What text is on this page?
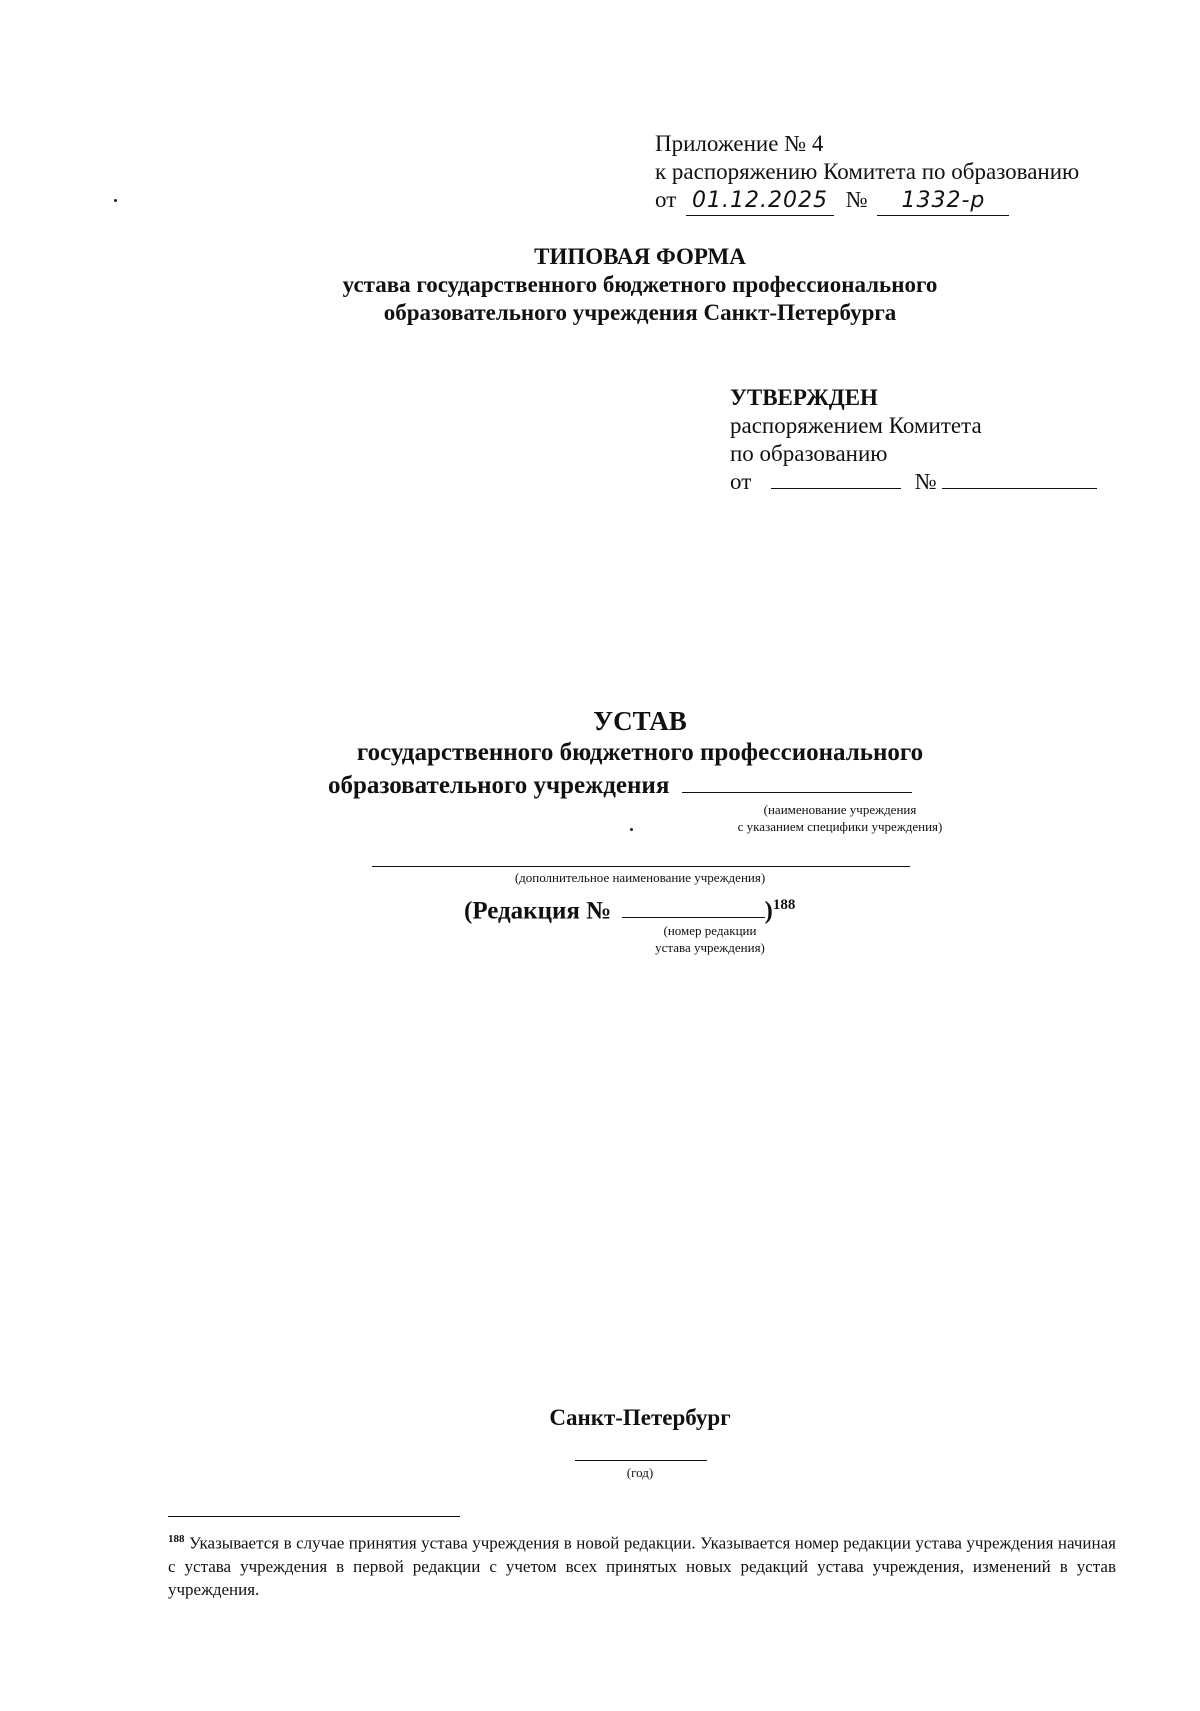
Приложение № 4
к распоряжению Комитета по образованию
от 01.12.2025 № 1332-р
ТИПОВАЯ ФОРМА
устава государственного бюджетного профессионального
образовательного учреждения Санкт-Петербурга
УТВЕРЖДЕН
распоряжением Комитета
по образованию
от	№
УСТАВ
государственного бюджетного профессионального
образовательного учреждения
(наименование учреждения
с указанием специфики учреждения)
(дополнительное наименование учреждения)
(Редакция №	)$^{188}$
(номер редакции
устава учреждения)
Санкт-Петербург
(год)
$^{188}$ Указывается в случае принятия устава учреждения в новой редакции. Указывается номер редакции устава учреждения начиная с устава учреждения в первой редакции с учетом всех принятых новых редакций устава учреждения, изменений в устав учреждения.
